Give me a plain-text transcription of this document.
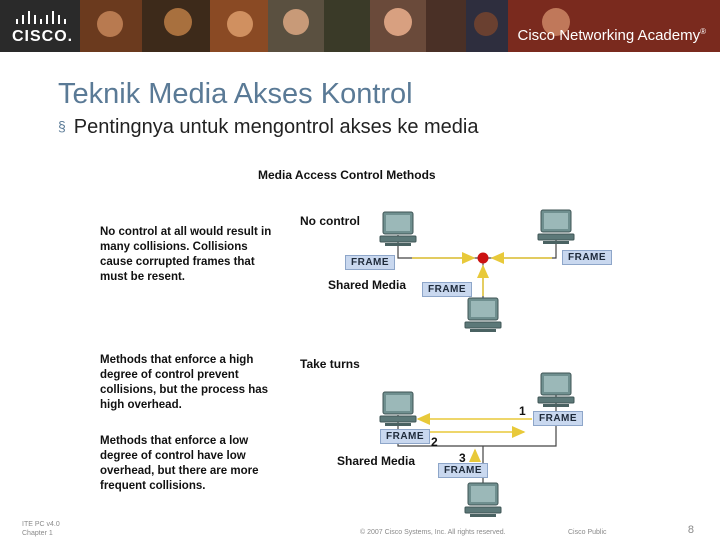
CISCO.	Cisco Networking Academy®
Teknik Media Akses Kontrol
§ Pentingnya untuk mengontrol akses ke media
Media Access Control Methods
No control at all would result in many collisions. Collisions cause corrupted frames that must be resent.
No control
Shared Media
FRAME	FRAME
FRAME
Methods that enforce a high degree of control prevent collisions, but the process has high overhead.
Methods that enforce a low degree of control have low overhead, but there are more frequent collisions.
Take turns
Shared Media
FRAME
FRAME
FRAME
1
2
3
ITE PC v4.0
Chapter 1	© 2007 Cisco Systems, Inc. All rights reserved.	Cisco Public	8
